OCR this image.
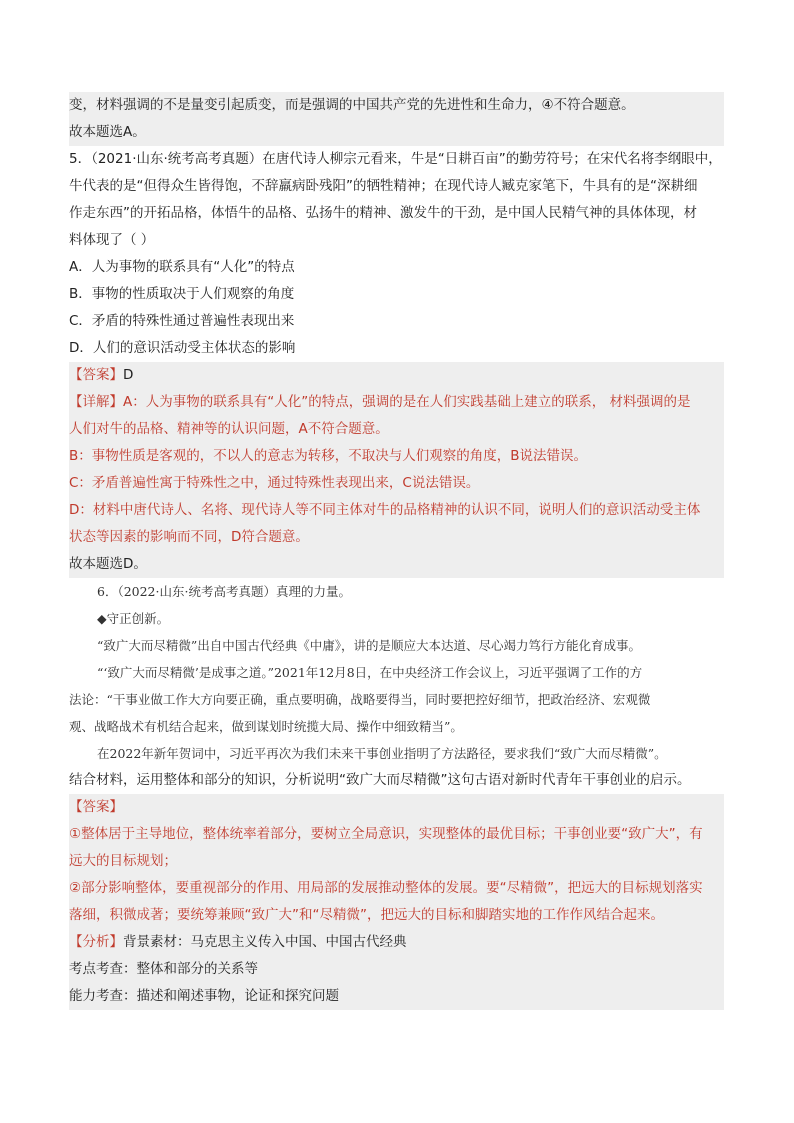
变，材料强调的不是量变引起质变，而是强调的中国共产党的先进性和生命力，④不符合题意。
故本题选A。
5．（2021·山东·统考高考真题）在唐代诗人柳宗元看来，牛是“日耕百亩”的勤劳符号；在宋代名将李纲眼中，
牛代表的是“但得众生皆得饱，不辞羸病卧残阳”的牺牲精神；在现代诗人臧克家笔下，牛具有的是“深耕细
作走东西”的开拓品格，体悟牛的品格、弘扬牛的精神、激发牛的干劲，是中国人民精气神的具体体现，材
料体现了（ ）
A．人为事物的联系具有“人化”的特点
B．事物的性质取决于人们观察的角度
C．矛盾的特殊性通过普遍性表现出来
D．人们的意识活动受主体状态的影响
【答案】D
【详解】A：人为事物的联系具有“人化”的特点，强调的是在人们实践基础上建立的联系， 材料强调的是
人们对牛的品格、精神等的认识问题，A不符合题意。
B：事物性质是客观的，不以人的意志为转移，不取决与人们观察的角度，B说法错误。
C：矛盾普遍性寓于特殊性之中，通过特殊性表现出来，C说法错误。
D：材料中唐代诗人、名将、现代诗人等不同主体对牛的品格精神的认识不同，说明人们的意识活动受主体
状态等因素的影响而不同，D符合题意。
故本题选D。
6．（2022·山东·统考高考真题）真理的力量。
◆守正创新。
“致广大而尽精微”出自中国古代经典《中庸》，讲的是顺应大本达道、尽心竭力笃行方能化育成事。
“‘致广大而尽精微’是成事之道。”2021年12月8日，在中央经济工作会议上，习近平强调了工作的方
法论：“干事业做工作大方向要正确，重点要明确，战略要得当，同时要把控好细节，把政治经济、宏观微
观、战略战术有机结合起来，做到谋划时统揽大局、操作中细致精当”。
在2022年新年贺词中，习近平再次为我们未来干事创业指明了方法路径，要求我们“致广大而尽精微”。
结合材料，运用整体和部分的知识，分析说明“致广大而尽精微”这句古语对新时代青年干事创业的启示。
【答案】
①整体居于主导地位，整体统率着部分，要树立全局意识，实现整体的最优目标；干事创业要“致广大”，有
远大的目标规划；
②部分影响整体，要重视部分的作用、用局部的发展推动整体的发展。要“尽精微”，把远大的目标规划落实
落细，积微成著；要统筹兼顾“致广大”和“尽精微”，把远大的目标和脚踏实地的工作作风结合起来。
【分析】背景素材：马克思主义传入中国、中国古代经典
考点考查：整体和部分的关系等
能力考查：描述和阐述事物，论证和探究问题
